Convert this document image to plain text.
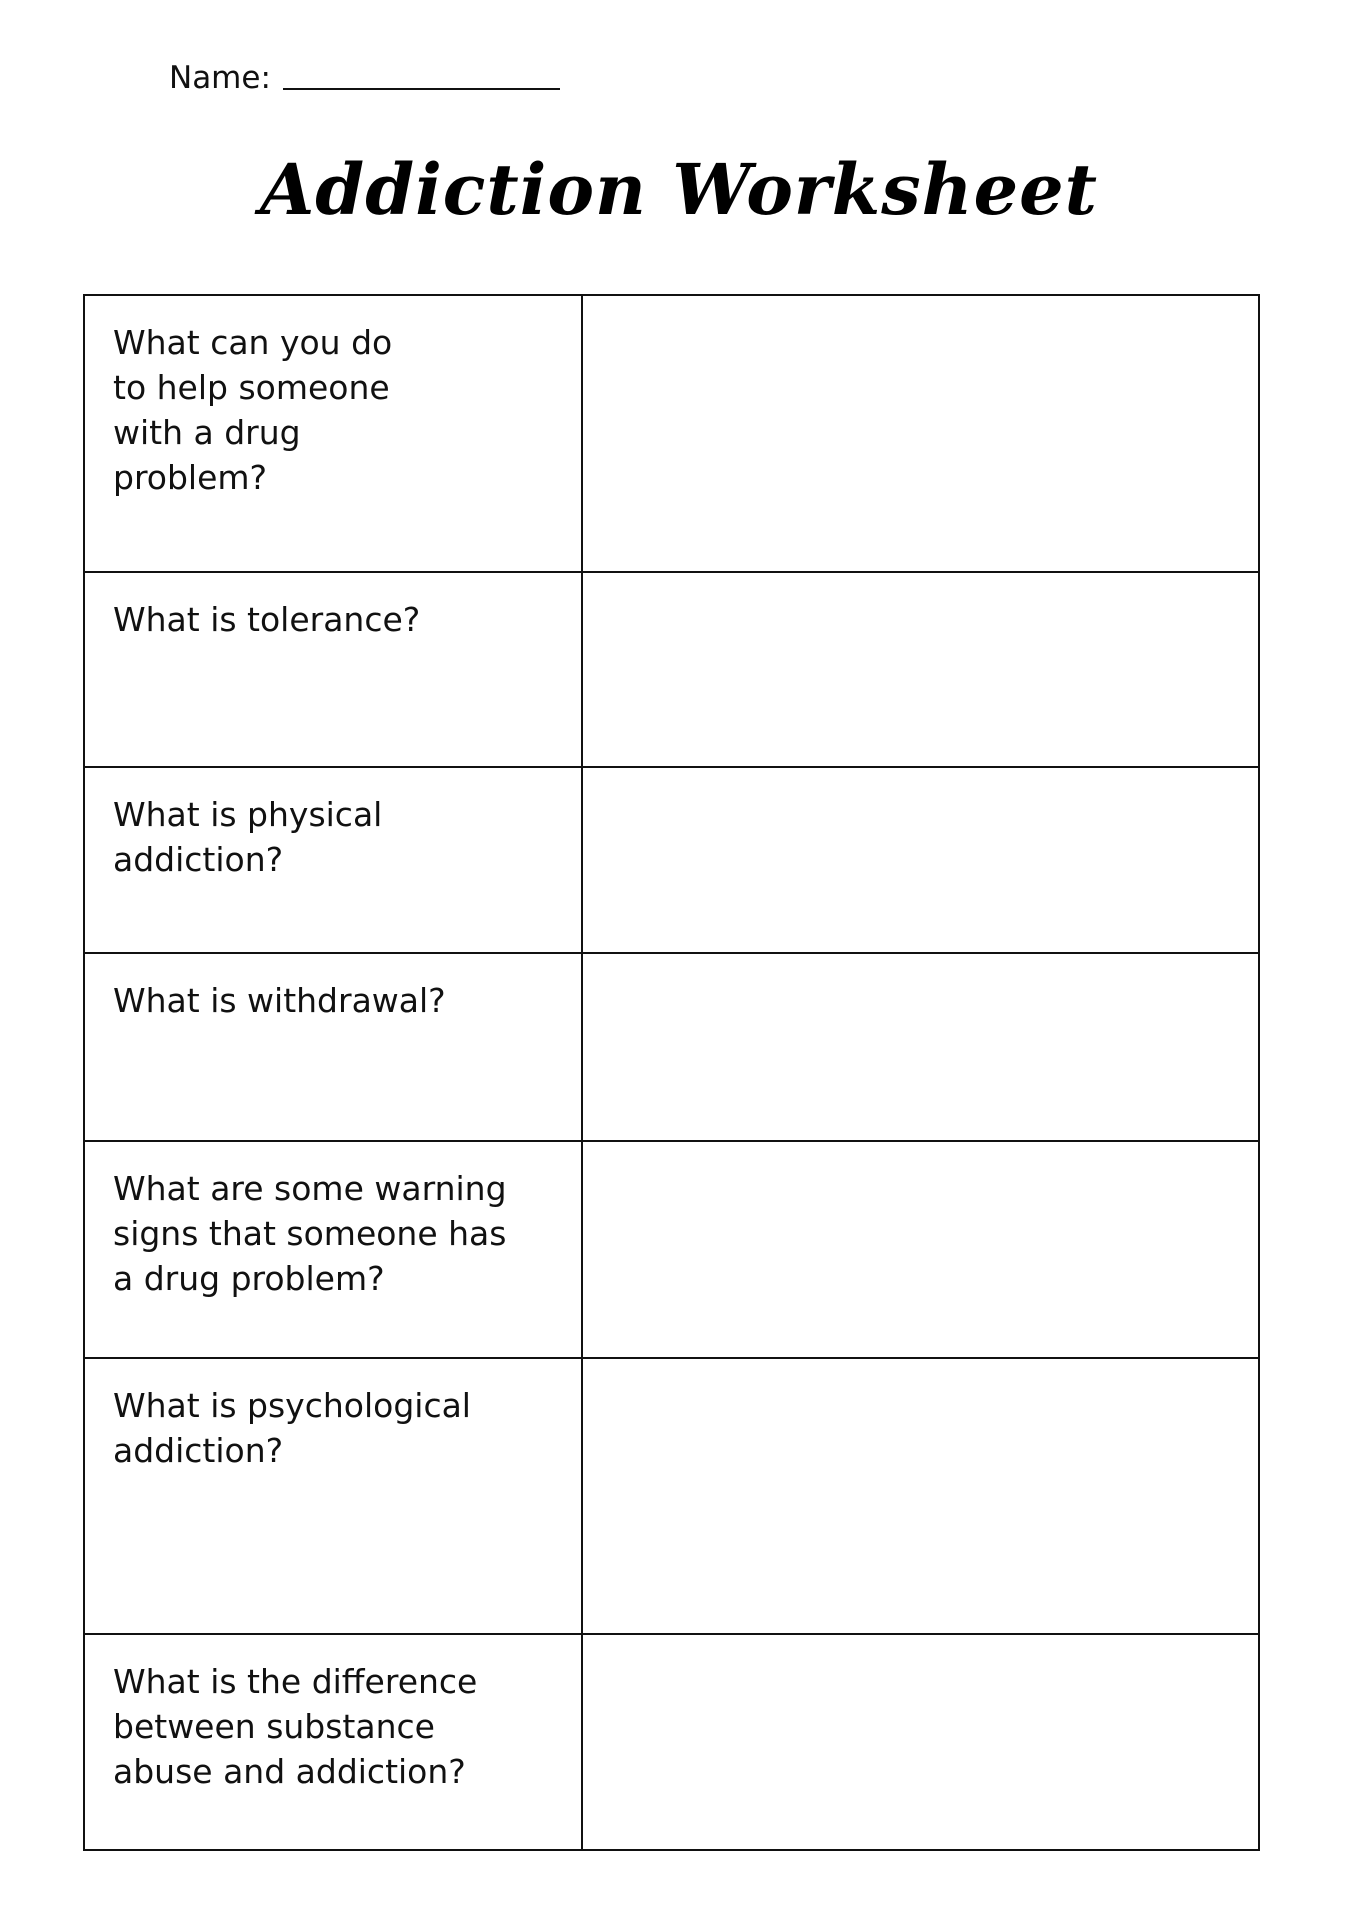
Name:
Addiction Worksheet
What can you do to help someone with a drug problem?	

What is tolerance?	

What is physical addiction?	

What is withdrawal?	

What are some warning signs that someone has a drug problem?	

What is psychological addiction?	

What is the difference between substance abuse and addiction?	
